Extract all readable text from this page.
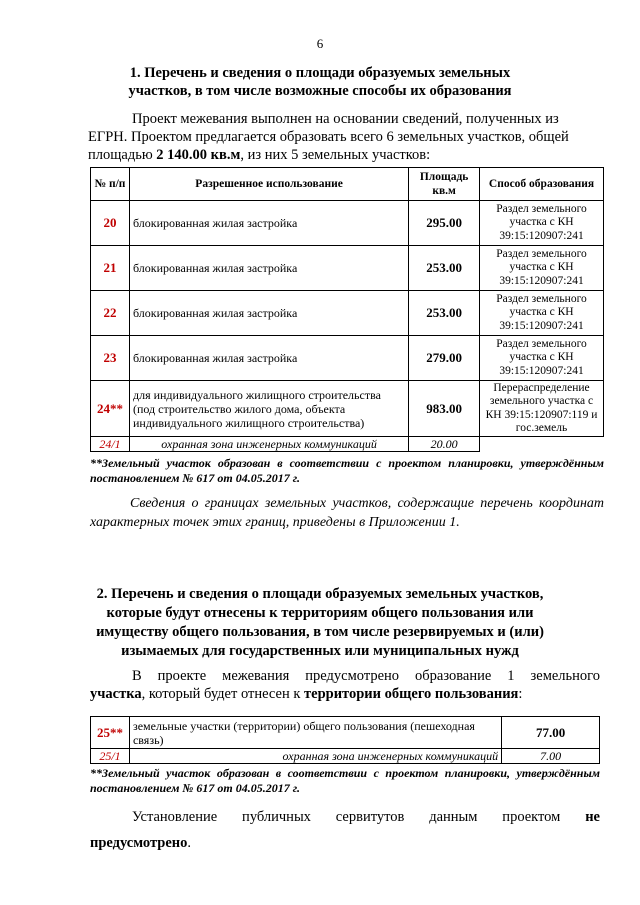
6
1. Перечень и сведения о площади образуемых земельных
участков, в том числе возможные способы их образования
Проект межевания выполнен на основании сведений, полученных из
ЕГРН. Проектом предлагается образовать всего 6 земельных участков, общей
площадью 2 140.00 кв.м, из них 5 земельных участков:
№ п/п	Разрешенное использование	Площадь кв.м	Способ образования
20	блокированная жилая застройка	295.00	Раздел земельного участка с КН 39:15:120907:241
21	блокированная жилая застройка	253.00	Раздел земельного участка с КН 39:15:120907:241
22	блокированная жилая застройка	253.00	Раздел земельного участка с КН 39:15:120907:241
23	блокированная жилая застройка	279.00	Раздел земельного участка с КН 39:15:120907:241
24**	для индивидуального жилищного строительства (под строительство жилого дома, объекта индивидуального жилищного строительства)	983.00	Перераспределение земельного участка с КН 39:15:120907:119 и гос.земель
24/1	охранная зона инженерных коммуникаций	20.00	
**Земельный участок образован в соответствии с проектом планировки, утверждённым постановлением № 617 от 04.05.2017 г.
Сведения о границах земельных участков, содержащие перечень координат характерных точек этих границ, приведены в Приложении 1.
2. Перечень и сведения о площади образуемых земельных участков,
которые будут отнесены к территориям общего пользования или
имуществу общего пользования, в том числе резервируемых и (или)
изымаемых для государственных или муниципальных нужд
В проекте межевания предусмотрено образование 1 земельного
участка, который будет отнесен к территории общего пользования:
25**	земельные участки (территории) общего пользования (пешеходная связь)	77.00
25/1	охранная зона инженерных коммуникаций	7.00
**Земельный участок образован в соответствии с проектом планировки, утверждённым постановлением № 617 от 04.05.2017 г.
Установление публичных сервитутов данным проектом не
предусмотрено.
